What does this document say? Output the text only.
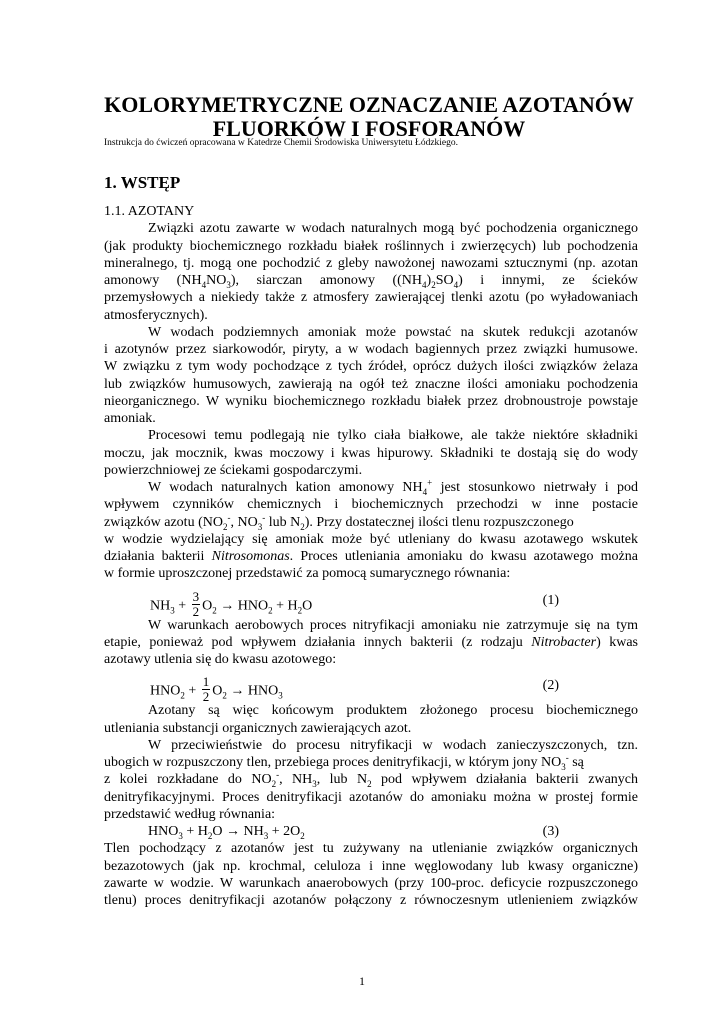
KOLORYMETRYCZNE OZNACZANIE AZOTANÓW
FLUORKÓW I FOSFORANÓW
Instrukcja do ćwiczeń opracowana w Katedrze Chemii Środowiska Uniwersytetu Łódzkiego.
1. WSTĘP
1.1. AZOTANY
Związki azotu zawarte w wodach naturalnych mogą być pochodzenia organicznego
(jak produkty biochemicznego rozkładu białek roślinnych i zwierzęcych) lub pochodzenia
mineralnego, tj. mogą one pochodzić z gleby nawożonej nawozami sztucznymi (np. azotan
amonowy $(NH_4NO_3)$, siarczan amonowy $((NH_4)_2SO_4)$ i innymi, ze ścieków
przemysłowych a niekiedy także z atmosfery zawierającej tlenki azotu (po wyładowaniach
atmosferycznych).
W wodach podziemnych amoniak może powstać na skutek redukcji azotanów
i azotynów przez siarkowodór, piryty, a w wodach bagiennych przez związki humusowe.
W związku z tym wody pochodzące z tych źródeł, oprócz dużych ilości związków żelaza
lub związków humusowych, zawierają na ogół też znaczne ilości amoniaku pochodzenia
nieorganicznego. W wyniku biochemicznego rozkładu białek przez drobnoustroje powstaje
amoniak.
Procesowi temu podlegają nie tylko ciała białkowe, ale także niektóre składniki
moczu, jak mocznik, kwas moczowy i kwas hipurowy. Składniki te dostają się do wody
powierzchniowej ze ściekami gospodarczymi.
W wodach naturalnych kation amonowy $NH_4^+$ jest stosunkowo nietrwały i pod
wpływem czynników chemicznych i biochemicznych przechodzi w inne postacie
związków azotu ($NO_2^-$, $NO_3^-$ lub $N_2$). Przy dostatecznej ilości tlenu rozpuszczonego
w wodzie wydzielający się amoniak może być utleniany do kwasu azotawego wskutek
działania bakterii Nitrosomonas. Proces utleniania amoniaku do kwasu azotawego można
w formie uproszczonej przedstawić za pomocą sumarycznego równania:
$NH_3 + \frac{3}{2} O_2 \to HNO_2 + H_2O$	(1)
W warunkach aerobowych proces nitryfikacji amoniaku nie zatrzymuje się na tym
etapie, ponieważ pod wpływem działania innych bakterii (z rodzaju Nitrobacter) kwas
azotawy utlenia się do kwasu azotowego:
$HNO_2 + \frac{1}{2} O_2 \to HNO_3$
(2)
Azotany są więc końcowym produktem złożonego procesu biochemicznego
utleniania substancji organicznych zawierających azot.
W przeciwieństwie do procesu nitryfikacji w wodach zanieczyszczonych, tzn.
ubogich w rozpuszczony tlen, przebiega proces denitryfikacji, w którym jony $NO_3^-$ są
z kolei rozkładane do $NO_2^-$, $NH_3$, lub $N_2$ pod wpływem działania bakterii zwanych
denitryfikacyjnymi. Proces denitryfikacji azotanów do amoniaku można w prostej formie
przedstawić według równania:
$HNO_3 + H_2O \to NH_3 + 2O_2$	(3)
Tlen pochodzący z azotanów jest tu zużywany na utlenianie związków organicznych
bezazotowych (jak np. krochmal, celuloza i inne węglowodany lub kwasy organiczne)
zawarte w wodzie. W warunkach anaerobowych (przy 100-proc. deficycie rozpuszczonego
tlenu) proces denitryfikacji azotanów połączony z równoczesnym utlenieniem związków
1
